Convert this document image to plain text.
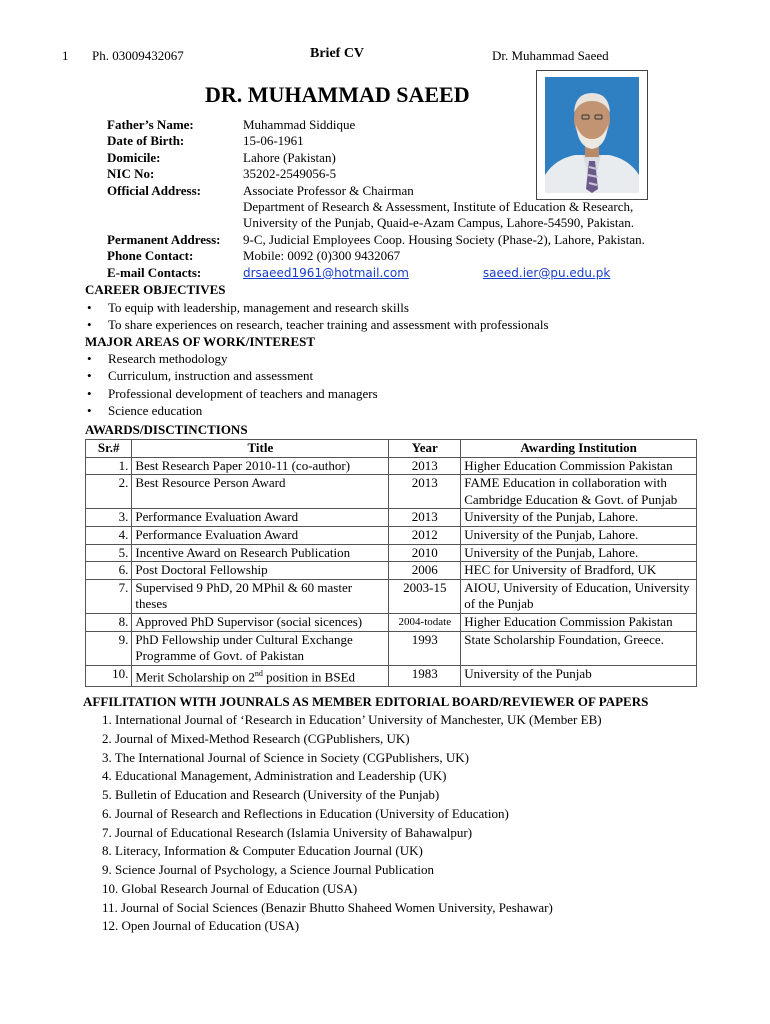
1 Ph. 03009432067	Brief CV	Dr. Muhammad Saeed
DR. MUHAMMAD SAEED
Father’s Name:	Muhammad Siddique
Date of Birth:	15-06-1961
Domicile:	Lahore (Pakistan)
NIC No:	35202-2549056-5
Official Address:	Associate Professor & Chairman
Department of Research & Assessment, Institute of Education & Research,
University of the Punjab, Quaid-e-Azam Campus, Lahore-54590, Pakistan.
Permanent Address:	9-C, Judicial Employees Coop. Housing Society (Phase-2), Lahore, Pakistan.
Phone Contact:	Mobile: 0092 (0)300 9432067
E-mail Contacts:	drsaeed1961@hotmail.com	saeed.ier@pu.edu.pk
CAREER OBJECTIVES
• To equip with leadership, management and research skills
• To share experiences on research, teacher training and assessment with professionals
MAJOR AREAS OF WORK/INTEREST
• Research methodology
• Curriculum, instruction and assessment
• Professional development of teachers and managers
• Science education
AWARDS/DISCTINCTIONS
Sr.#	Title	Year	Awarding Institution
1.	Best Research Paper 2010-11 (co-author)	2013	Higher Education Commission Pakistan
2.	Best Resource Person Award	2013	FAME Education in collaboration with Cambridge Education & Govt. of Punjab
3.	Performance Evaluation Award	2013	University of the Punjab, Lahore.
4.	Performance Evaluation Award	2012	University of the Punjab, Lahore.
5.	Incentive Award on Research Publication	2010	University of the Punjab, Lahore.
6.	Post Doctoral Fellowship	2006	HEC for University of Bradford, UK
7.	Supervised 9 PhD, 20 MPhil & 60 master theses	2003-15	AIOU, University of Education, University of the Punjab
8.	Approved PhD Supervisor (social sicences)	2004-todate	Higher Education Commission Pakistan
9.	PhD Fellowship under Cultural Exchange Programme of Govt. of Pakistan	1993	State Scholarship Foundation, Greece.
10.	Merit Scholarship on 2nd position in BSEd	1983	University of the Punjab
AFFILITATION WITH JOUNRALS AS MEMBER EDITORIAL BOARD/REVIEWER OF PAPERS
1. International Journal of ‘Research in Education’ University of Manchester, UK (Member EB)
2. Journal of Mixed-Method Research (CGPublishers, UK)
3. The International Journal of Science in Society (CGPublishers, UK)
4. Educational Management, Administration and Leadership (UK)
5. Bulletin of Education and Research (University of the Punjab)
6. Journal of Research and Reflections in Education (University of Education)
7. Journal of Educational Research (Islamia University of Bahawalpur)
8. Literacy, Information & Computer Education Journal (UK)
9. Science Journal of Psychology, a Science Journal Publication
10. Global Research Journal of Education (USA)
11. Journal of Social Sciences (Benazir Bhutto Shaheed Women University, Peshawar)
12. Open Journal of Education (USA)
